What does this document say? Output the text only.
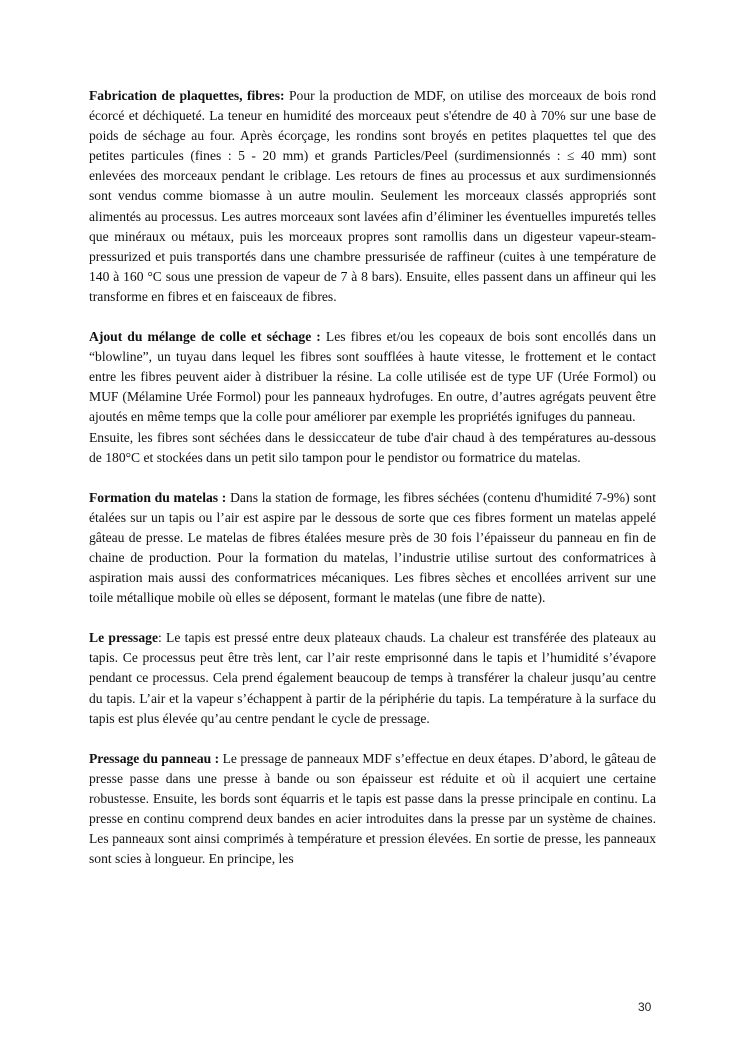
Fabrication de plaquettes, fibres: Pour la production de MDF, on utilise des morceaux de bois rond écorcé et déchiqueté. La teneur en humidité des morceaux peut s'étendre de 40 à 70% sur une base de poids de séchage au four. Après écorçage, les rondins sont broyés en petites plaquettes tel que des petites particules (fines : 5 - 20 mm) et grands Particles/Peel (surdimensionnés : ≤ 40 mm) sont enlevées des morceaux pendant le criblage. Les retours de fines au processus et aux surdimensionnés sont vendus comme biomasse à un autre moulin. Seulement les morceaux classés appropriés sont alimentés au processus. Les autres morceaux sont lavées afin d’éliminer les éventuelles impuretés telles que minéraux ou métaux, puis les morceaux propres sont ramollis dans un digesteur vapeur-steam-pressurized et puis transportés dans une chambre pressurisée de raffineur (cuites à une température de 140 à 160 °C sous une pression de vapeur de 7 à 8 bars). Ensuite, elles passent dans un affineur qui les transforme en fibres et en faisceaux de fibres.

Ajout du mélange de colle et séchage : Les fibres et/ou les copeaux de bois sont encollés dans un “blowline”, un tuyau dans lequel les fibres sont soufflées à haute vitesse, le frottement et le contact entre les fibres peuvent aider à distribuer la résine. La colle utilisée est de type UF (Urée Formol) ou MUF (Mélamine Urée Formol) pour les panneaux hydrofuges. En outre, d’autres agrégats peuvent être ajoutés en même temps que la colle pour améliorer par exemple les propriétés ignifuges du panneau.

Ensuite, les fibres sont séchées dans le dessiccateur de tube d'air chaud à des températures au-dessous de 180°C et stockées dans un petit silo tampon pour le pendistor ou formatrice du matelas.

Formation du matelas : Dans la station de formage, les fibres séchées (contenu d'humidité 7-9%) sont étalées sur un tapis ou l’air est aspire par le dessous de sorte que ces fibres forment un matelas appelé gâteau de presse. Le matelas de fibres étalées mesure près de 30 fois l’épaisseur du panneau en fin de chaine de production. Pour la formation du matelas, l’industrie utilise surtout des conformatrices à aspiration mais aussi des conformatrices mécaniques. Les fibres sèches et encollées arrivent sur une toile métallique mobile où elles se déposent, formant le matelas (une fibre de natte).

Le pressage: Le tapis est pressé entre deux plateaux chauds. La chaleur est transférée des plateaux au tapis. Ce processus peut être très lent, car l’air reste emprisonné dans le tapis et l’humidité s’évapore pendant ce processus. Cela prend également beaucoup de temps à transférer la chaleur jusqu’au centre du tapis. L’air et la vapeur s’échappent à partir de la périphérie du tapis. La température à la surface du tapis est plus élevée qu’au centre pendant le cycle de pressage.

Pressage du panneau : Le pressage de panneaux MDF s’effectue en deux étapes. D’abord, le gâteau de presse passe dans une presse à bande ou son épaisseur est réduite et où il acquiert une certaine robustesse. Ensuite, les bords sont équarris et le tapis est passe dans la presse principale en continu. La presse en continu comprend deux bandes en acier introduites dans la presse par un système de chaines. Les panneaux sont ainsi comprimés à température et pression élevées. En sortie de presse, les panneaux sont scies à longueur. En principe, les

30
